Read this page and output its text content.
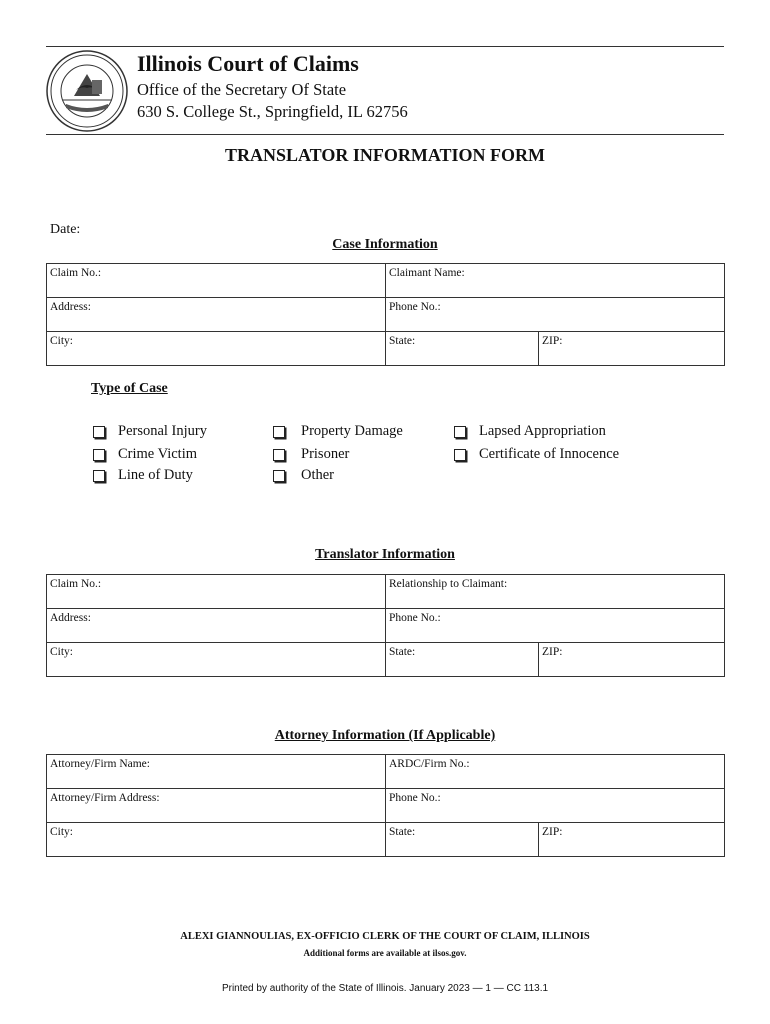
Illinois Court of Claims
Office of the Secretary Of State
630 S. College St., Springfield, IL 62756
TRANSLATOR INFORMATION FORM
Date:
Case Information
Claim No.:	Claimant Name:	
Address:	Phone No.:	
City:	State:	ZIP:
Type of Case
Personal Injury
Crime Victim
Line of Duty
Property Damage
Prisoner
Other
Lapsed Appropriation
Certificate of Innocence
Translator Information
Claim No.:	Relationship to Claimant:	
Address:	Phone No.:	
City:	State:	ZIP:
Attorney Information (If Applicable)
Attorney/Firm Name:	ARDC/Firm No.:	
Attorney/Firm Address:	Phone No.:	
City:	State:	ZIP:
ALEXI GIANNOULIAS, EX-OFFICIO CLERK OF THE COURT OF CLAIM, ILLINOIS
Additional forms are available at ilsos.gov.
Printed by authority of the State of Illinois. January 2023 — 1 — CC 113.1
